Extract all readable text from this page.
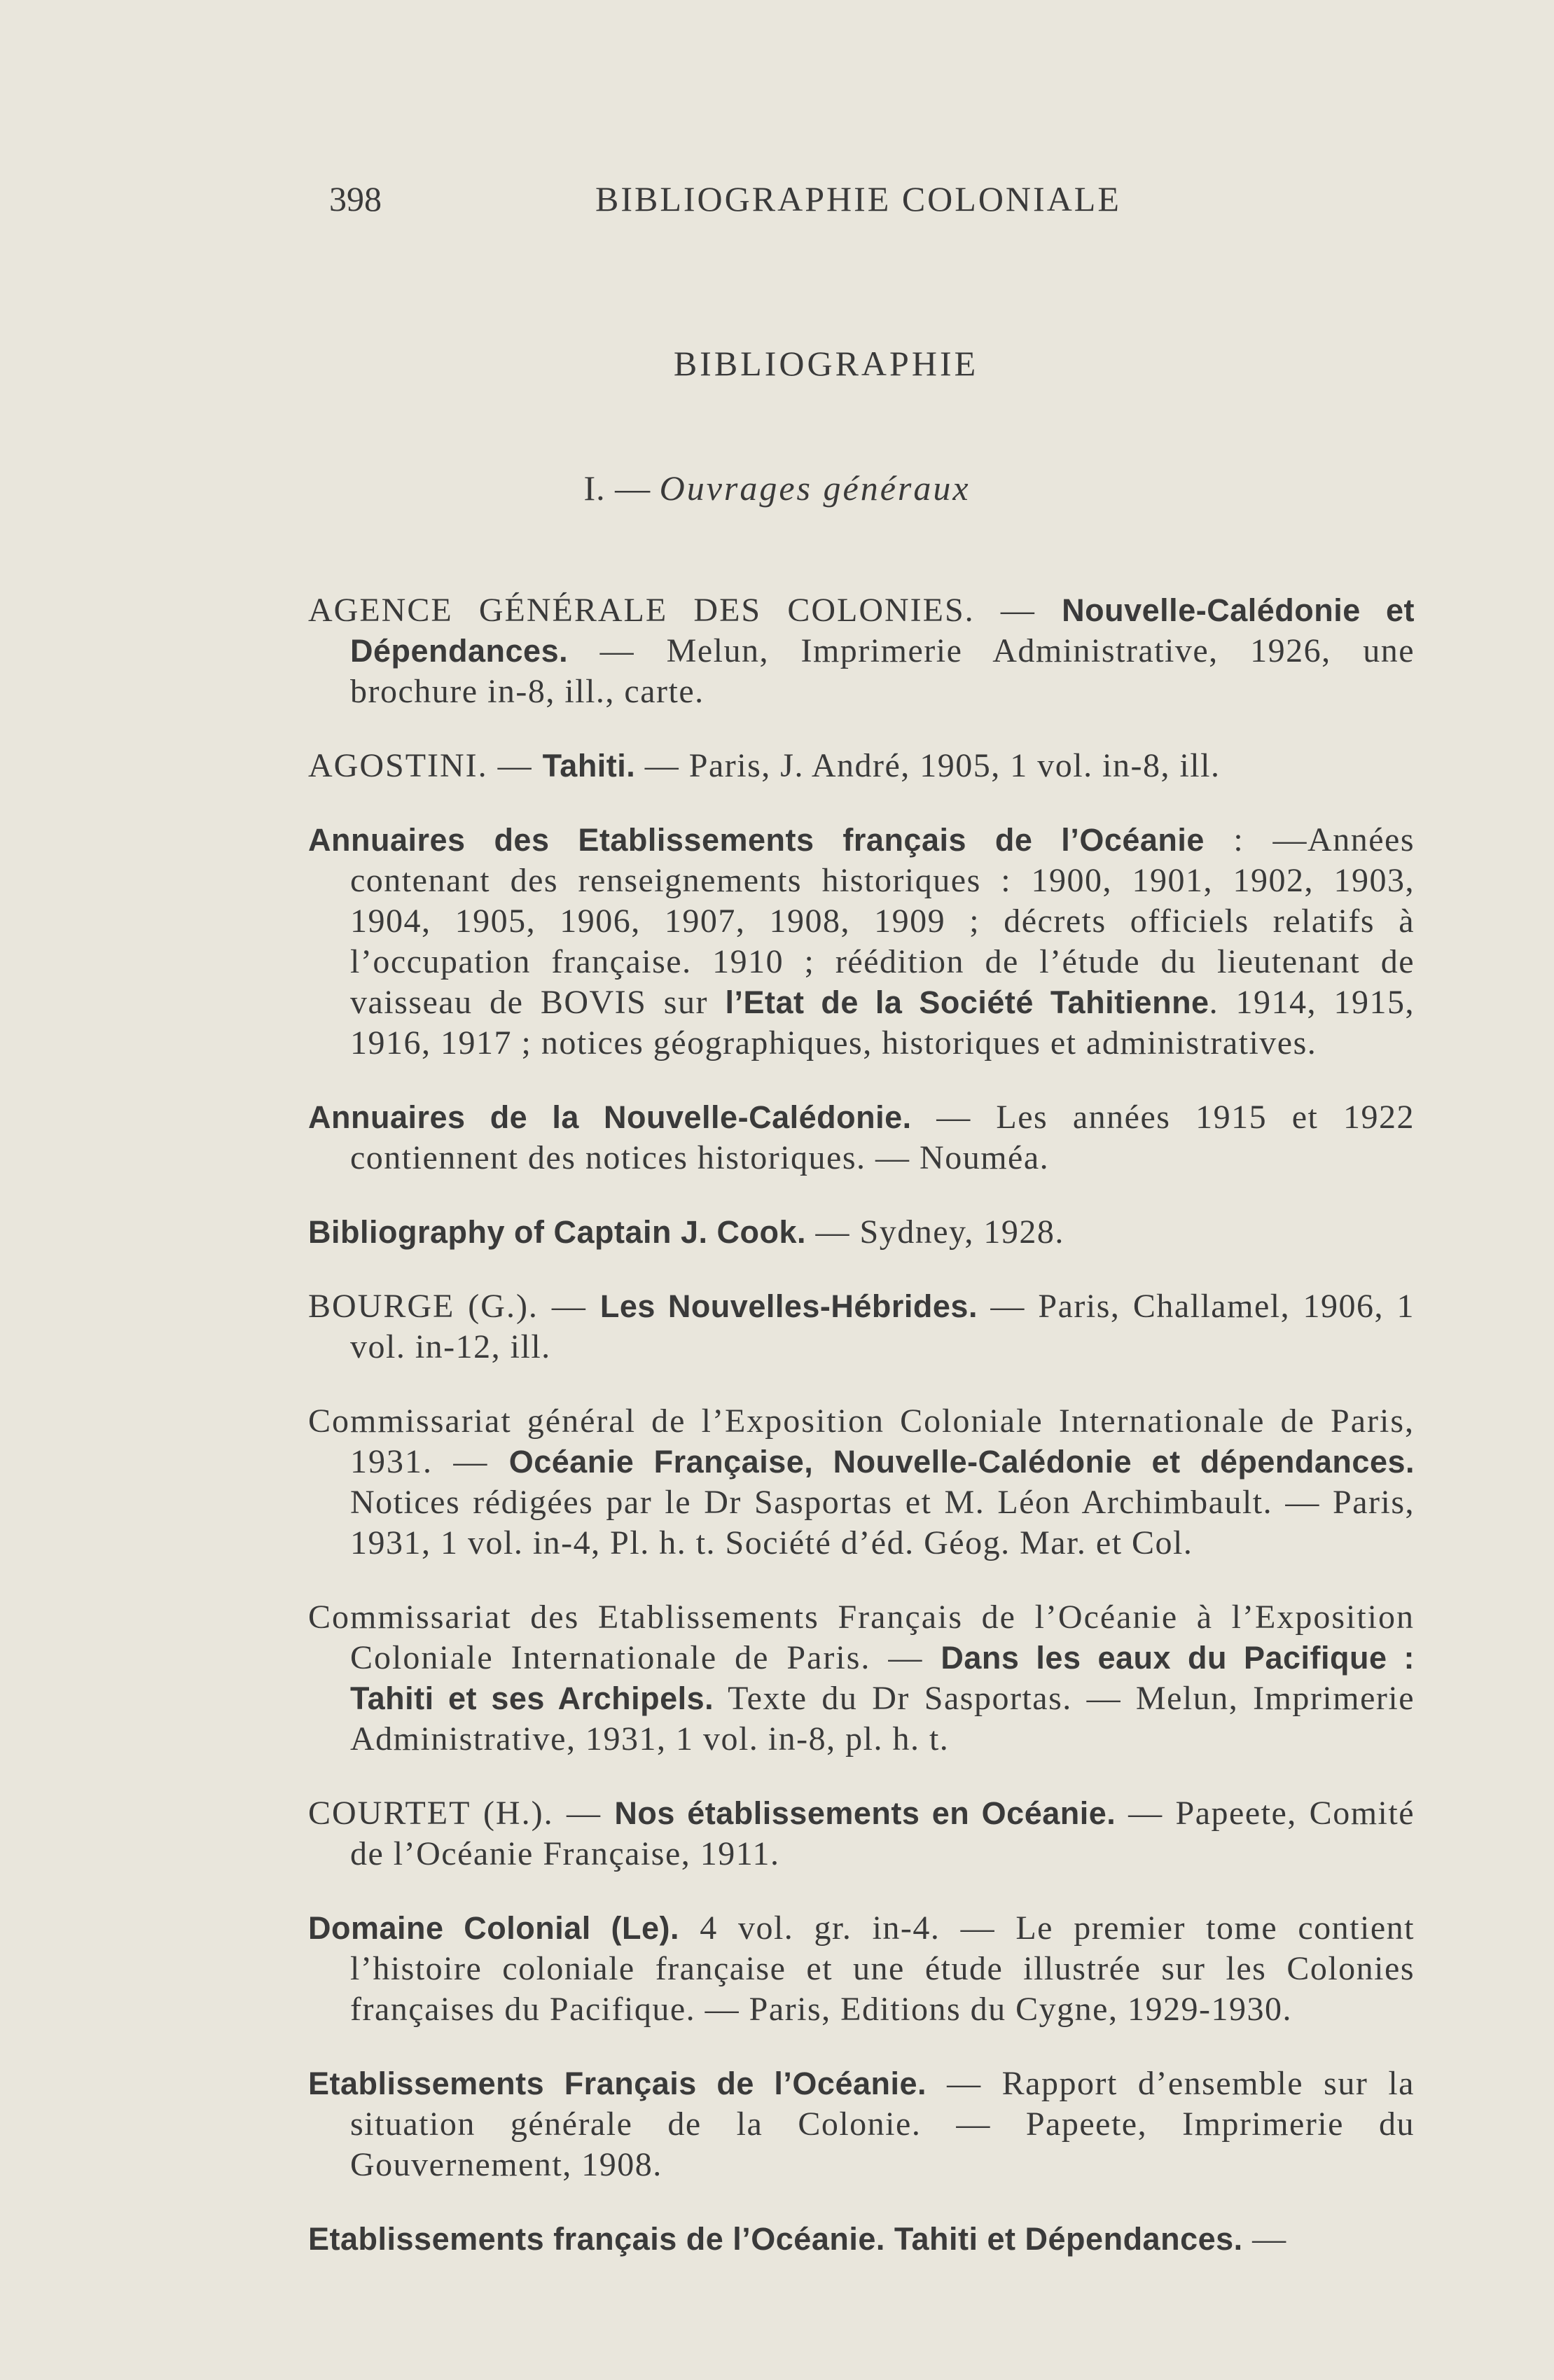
398	BIBLIOGRAPHIE COLONIALE
BIBLIOGRAPHIE
I. — Ouvrages généraux

AGENCE GÉNÉRALE DES COLONIES. — Nouvelle-Calédonie et Dépendances. — Melun, Imprimerie Administrative, 1926, une brochure in-8, ill., carte.

AGOSTINI. — Tahiti. — Paris, J. André, 1905, 1 vol. in-8, ill.

Annuaires des Etablissements français de l’Océanie : —Années contenant des renseignements historiques : 1900, 1901, 1902, 1903, 1904, 1905, 1906, 1907, 1908, 1909 ; décrets officiels relatifs à l’occupation française. 1910 ; réédition de l’étude du lieutenant de vaisseau de BOVIS sur l’Etat de la Société Tahitienne. 1914, 1915, 1916, 1917 ; notices géographiques, historiques et administratives.

Annuaires de la Nouvelle-Calédonie. — Les années 1915 et 1922 contiennent des notices historiques. — Nouméa.

Bibliography of Captain J. Cook. — Sydney, 1928.

BOURGE (G.). — Les Nouvelles-Hébrides. — Paris, Challamel, 1906, 1 vol. in-12, ill.

Commissariat général de l’Exposition Coloniale Internationale de Paris, 1931. — Océanie Française, Nouvelle-Calédonie et dépendances. Notices rédigées par le Dr Sasportas et M. Léon Archimbault. — Paris, 1931, 1 vol. in-4, Pl. h. t. Société d’éd. Géog. Mar. et Col.

Commissariat des Etablissements Français de l’Océanie à l’Exposition Coloniale Internationale de Paris. — Dans les eaux du Pacifique : Tahiti et ses Archipels. Texte du Dr Sasportas. — Melun, Imprimerie Administrative, 1931, 1 vol. in-8, pl. h. t.

COURTET (H.). — Nos établissements en Océanie. — Papeete, Comité de l’Océanie Française, 1911.

Domaine Colonial (Le). 4 vol. gr. in-4. — Le premier tome contient l’histoire coloniale française et une étude illustrée sur les Colonies françaises du Pacifique. — Paris, Editions du Cygne, 1929-1930.

Etablissements Français de l’Océanie. — Rapport d’ensemble sur la situation générale de la Colonie. — Papeete, Imprimerie du Gouvernement, 1908.

Etablissements français de l’Océanie. Tahiti et Dépendances. —
